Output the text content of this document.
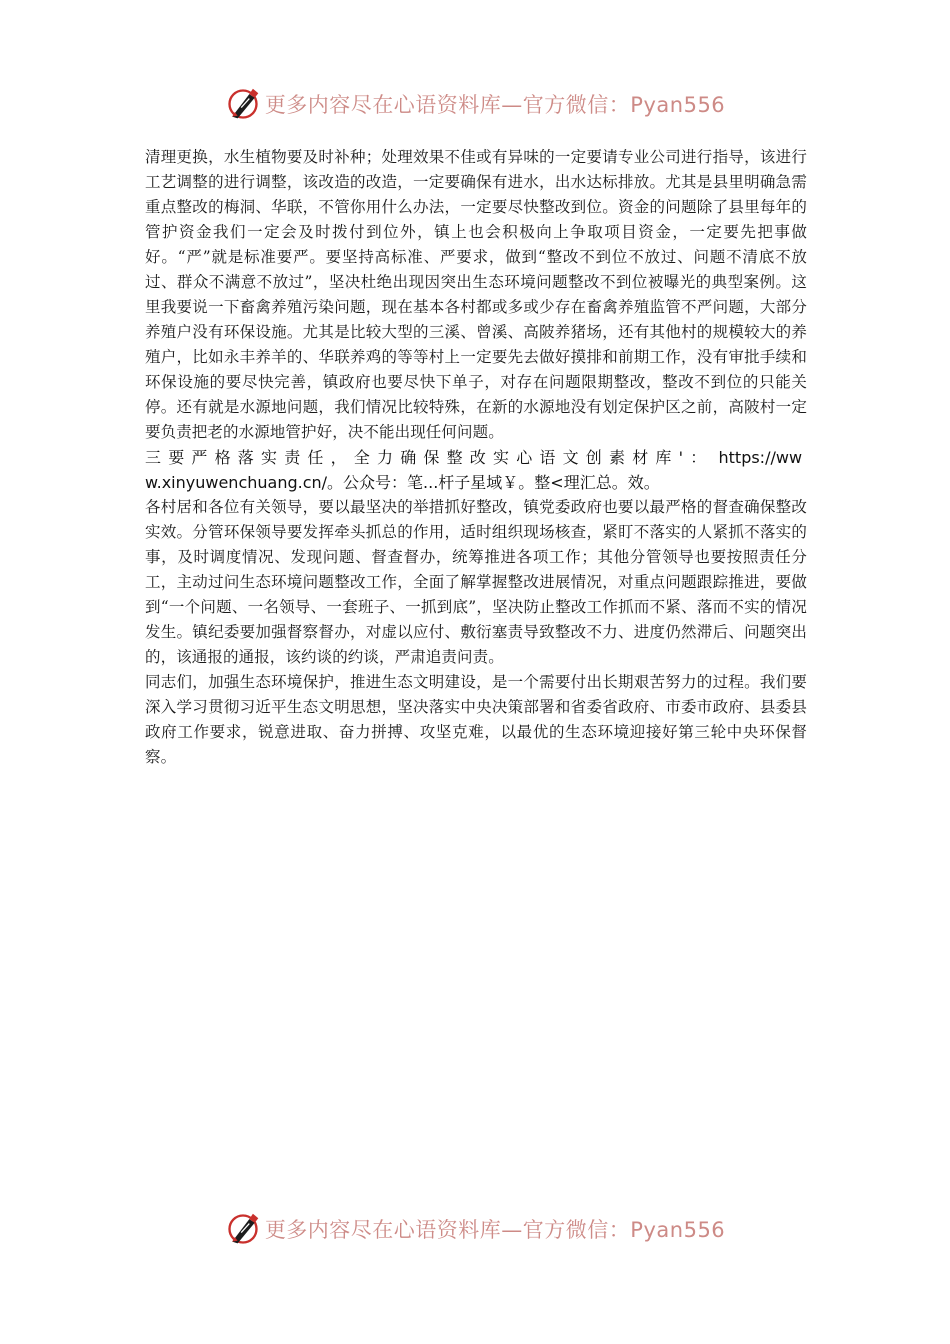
更多内容尽在心语资料库—官方微信：Pyan556

清理更换，水生植物要及时补种；处理效果不佳或有异味的一定要请专业公司进行指导，该进行工艺调整的进行调整，该改造的改造，一定要确保有进水，出水达标排放。尤其是县里明确急需重点整改的梅洞、华联，不管你用什么办法，一定要尽快整改到位。资金的问题除了县里每年的管护资金我们一定会及时拨付到位外，镇上也会积极向上争取项目资金，一定要先把事做好。“严”就是标准要严。要坚持高标准、严要求，做到“整改不到位不放过、问题不清底不放过、群众不满意不放过”，坚决杜绝出现因突出生态环境问题整改不到位被曝光的典型案例。这里我要说一下畜禽养殖污染问题，现在基本各村都或多或少存在畜禽养殖监管不严问题，大部分养殖户没有环保设施。尤其是比较大型的三溪、曾溪、高陂养猪场，还有其他村的规模较大的养殖户，比如永丰养羊的、华联养鸡的等等村上一定要先去做好摸排和前期工作，没有审批手续和环保设施的要尽快完善，镇政府也要尽快下单子，对存在问题限期整改，整改不到位的只能关停。还有就是水源地问题，我们情况比较特殊，在新的水源地没有划定保护区之前，高陂村一定要负责把老的水源地管护好，决不能出现任何问题。

三要严格落实责任，全力确保整改实心语文创素材库'： https://www.xinyuwenchuang.cn/。公众号：笔...杆子星域￥。整<理汇总。效。

各村居和各位有关领导，要以最坚决的举措抓好整改，镇党委政府也要以最严格的督查确保整改实效。分管环保领导要发挥牵头抓总的作用，适时组织现场核查，紧盯不落实的人紧抓不落实的事，及时调度情况、发现问题、督查督办，统筹推进各项工作；其他分管领导也要按照责任分工，主动过问生态环境问题整改工作，全面了解掌握整改进展情况，对重点问题跟踪推进，要做到“一个问题、一名领导、一套班子、一抓到底”，坚决防止整改工作抓而不紧、落而不实的情况发生。镇纪委要加强督察督办，对虚以应付、敷衍塞责导致整改不力、进度仍然滞后、问题突出的，该通报的通报，该约谈的约谈，严肃追责问责。

同志们，加强生态环境保护，推进生态文明建设，是一个需要付出长期艰苦努力的过程。我们要深入学习贯彻习近平生态文明思想，坚决落实中央决策部署和省委省政府、市委市政府、县委县政府工作要求，锐意进取、奋力拼搏、攻坚克难，以最优的生态环境迎接好第三轮中央环保督察。

更多内容尽在心语资料库—官方微信：Pyan556
